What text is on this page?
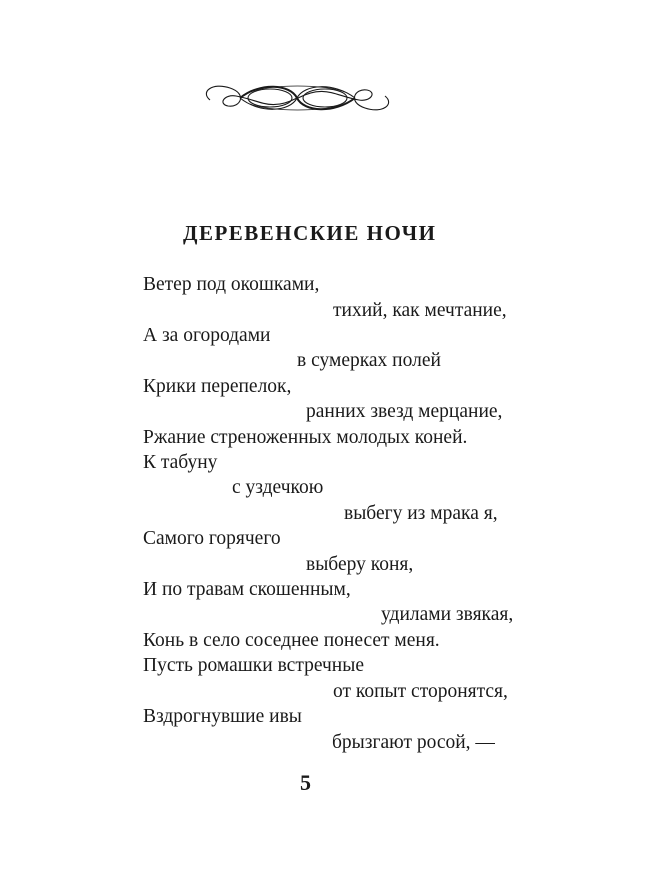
ДЕРЕВЕНСКИЕ НОЧИ
Ветер под окошками,
тихий, как мечтание,
А за огородами
в сумерках полей
Крики перепелок,
ранних звезд мерцание,
Ржание стреноженных молодых коней.
К табуну
с уздечкою
выбегу из мрака я,
Самого горячего
выберу коня,
И по травам скошенным,
удилами звякая,
Конь в село соседнее понесет меня.
Пусть ромашки встречные
от копыт сторонятся,
Вздрогнувшие ивы
брызгают росой, —
5
